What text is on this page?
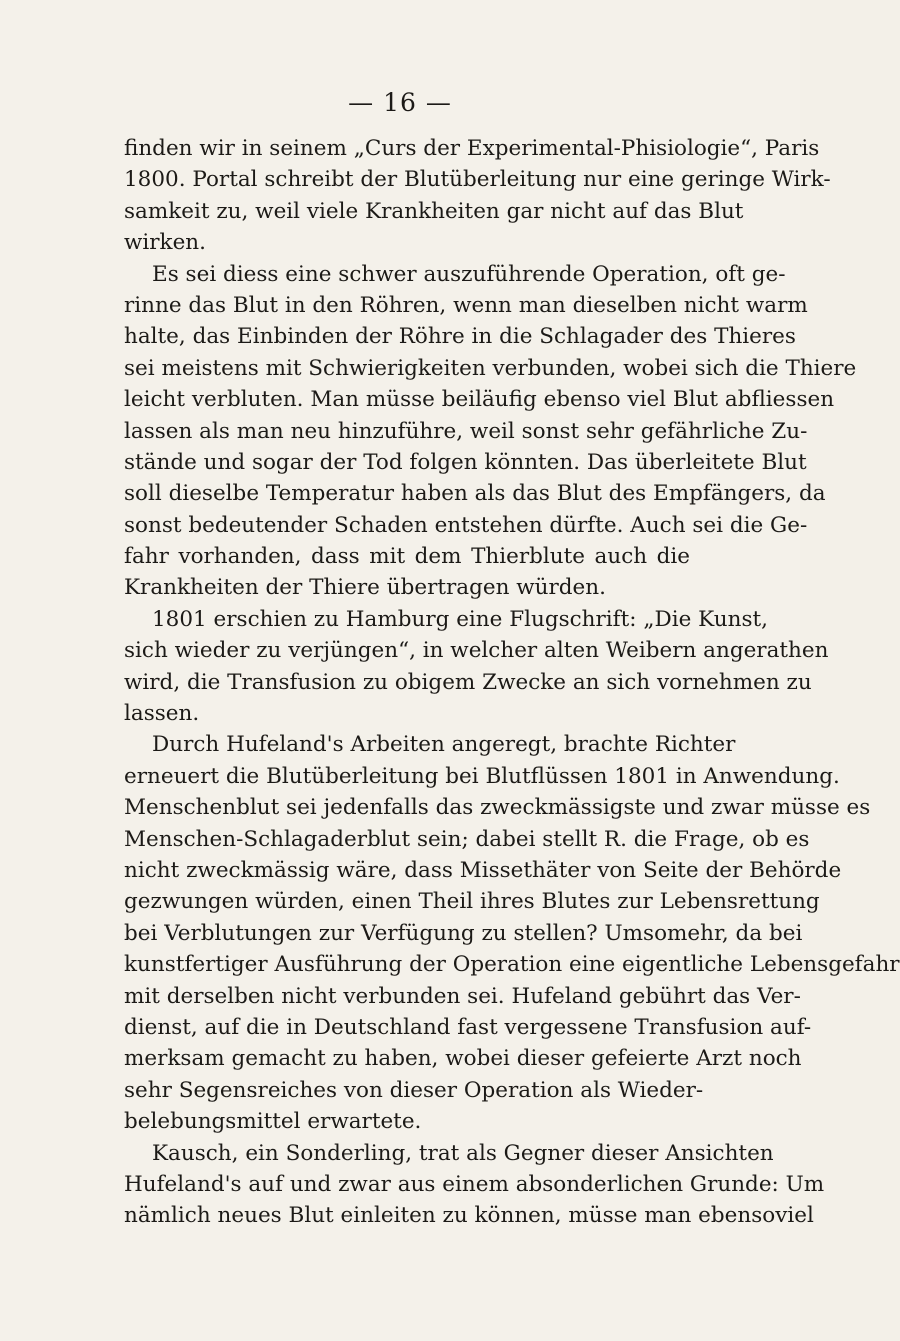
— 16 —
finden wir in seinem „Curs der Experimental-Phisiologie“, Paris
1800. Portal schreibt der Blutüberleitung nur eine geringe Wirk-
samkeit zu, weil viele Krankheiten gar nicht auf das Blut
wirken.
Es sei diess eine schwer auszuführende Operation, oft ge-
rinne das Blut in den Röhren, wenn man dieselben nicht warm
halte, das Einbinden der Röhre in die Schlagader des Thieres
sei meistens mit Schwierigkeiten verbunden, wobei sich die Thiere
leicht verbluten. Man müsse beiläufig ebenso viel Blut abfliessen
lassen als man neu hinzuführe, weil sonst sehr gefährliche Zu-
stände und sogar der Tod folgen könnten. Das überleitete Blut
soll dieselbe Temperatur haben als das Blut des Empfängers, da
sonst bedeutender Schaden entstehen dürfte. Auch sei die Ge-
fahr vorhanden, dass mit dem Thierblute auch die
Krankheiten der Thiere übertragen würden.
1801 erschien zu Hamburg eine Flugschrift: „Die Kunst,
sich wieder zu verjüngen“, in welcher alten Weibern angerathen
wird, die Transfusion zu obigem Zwecke an sich vornehmen zu
lassen.
Durch Hufeland's Arbeiten angeregt, brachte Richter
erneuert die Blutüberleitung bei Blutflüssen 1801 in Anwendung.
Menschenblut sei jedenfalls das zweckmässigste und zwar müsse es
Menschen-Schlagaderblut sein; dabei stellt R. die Frage, ob es
nicht zweckmässig wäre, dass Missethäter von Seite der Behörde
gezwungen würden, einen Theil ihres Blutes zur Lebensrettung
bei Verblutungen zur Verfügung zu stellen? Umsomehr, da bei
kunstfertiger Ausführung der Operation eine eigentliche Lebensgefahr
mit derselben nicht verbunden sei. Hufeland gebührt das Ver-
dienst, auf die in Deutschland fast vergessene Transfusion auf-
merksam gemacht zu haben, wobei dieser gefeierte Arzt noch
sehr Segensreiches von dieser Operation als Wieder-
belebungsmittel erwartete.
Kausch, ein Sonderling, trat als Gegner dieser Ansichten
Hufeland's auf und zwar aus einem absonderlichen Grunde: Um
nämlich neues Blut einleiten zu können, müsse man ebensoviel
